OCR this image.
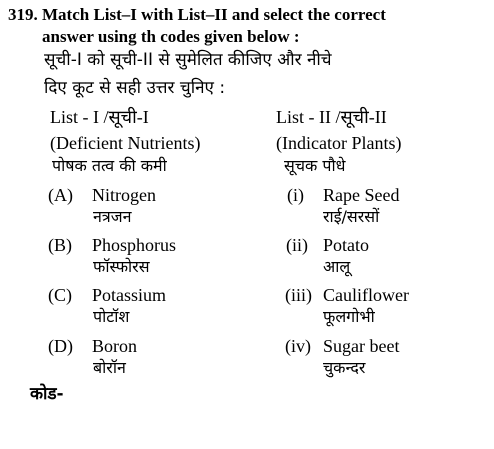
319. Match List–I with List–II and select the correct
answer using th codes given below :
सूची-I को सूची-II से सुमेलित कीजिए और नीचे
दिए कूट से सही उत्तर चुनिए :
List - I /सूची-I
(Deficient Nutrients)
पोषक तत्व की कमी
List - II /सूची-II
(Indicator Plants)
सूचक पौधे
(A) Nitrogen
नत्रजन
(B) Phosphorus
फॉस्फोरस
(C) Potassium
पोटॉश
(D) Boron
बोरॉन
(i) Rape Seed
राई/सरसों
(ii) Potato
आलू
(iii) Cauliflower
फूलगोभी
(iv) Sugar beet
चुकन्दर
कोड-
